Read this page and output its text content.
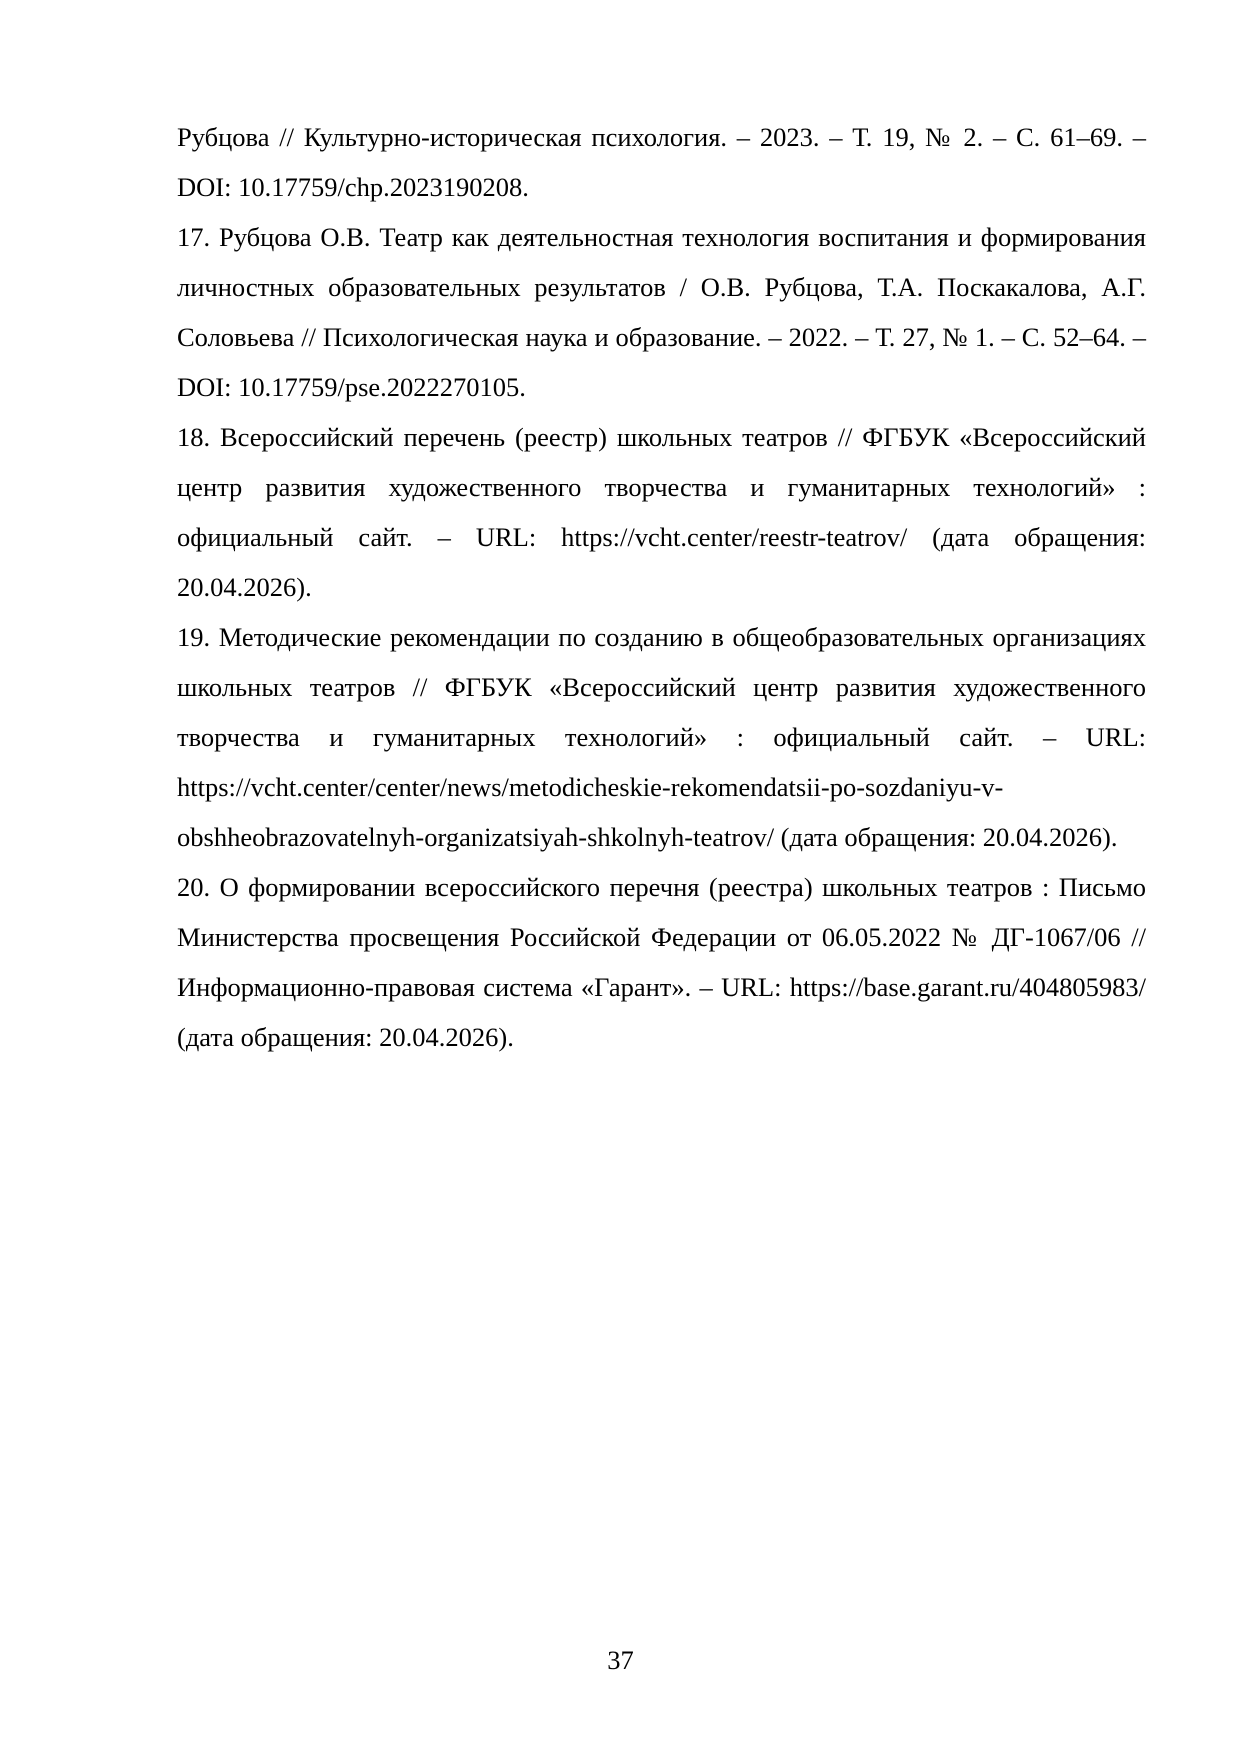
Рубцова // Культурно-историческая психология. – 2023. – Т. 19, № 2. – С. 61–69. – DOI: 10.17759/chp.2023190208.

17. Рубцова О.В. Театр как деятельностная технология воспитания и формирования личностных образовательных результатов / О.В. Рубцова, Т.А. Поскакалова, А.Г. Соловьева // Психологическая наука и образование. – 2022. – Т. 27, № 1. – С. 52–64. – DOI: 10.17759/pse.2022270105.

18. Всероссийский перечень (реестр) школьных театров // ФГБУК «Всероссийский центр развития художественного творчества и гуманитарных технологий» : официальный сайт. – URL: https://vcht.center/reestr-teatrov/ (дата обращения: 20.04.2026).

19. Методические рекомендации по созданию в общеобразовательных организациях школьных театров // ФГБУК «Всероссийский центр развития художественного творчества и гуманитарных технологий» : официальный сайт. – URL: https://vcht.center/center/news/metodicheskie-rekomendatsii-po-sozdaniyu-v-obshheobrazovatelnyh-organizatsiyah-shkolnyh-teatrov/ (дата обращения: 20.04.2026).

20. О формировании всероссийского перечня (реестра) школьных театров : Письмо Министерства просвещения Российской Федерации от 06.05.2022 № ДГ-1067/06 // Информационно-правовая система «Гарант». – URL: https://base.garant.ru/404805983/ (дата обращения: 20.04.2026).

37
